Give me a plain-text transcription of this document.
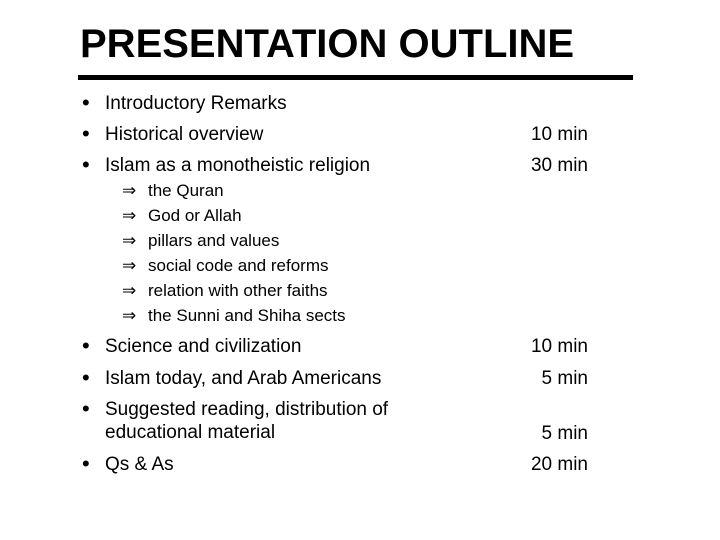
PRESENTATION OUTLINE
• Introductory Remarks
• Historical overview	10 min
• Islam as a monotheistic religion	30 min
⇒ the Quran
⇒ God or Allah
⇒ pillars and values
⇒ social code and reforms
⇒ relation with other faiths
⇒ the Sunni and Shiha sects
• Science and civilization	10 min
• Islam today, and Arab Americans	5 min
• Suggested reading, distribution of
educational material	5 min
• Qs & As	20 min
